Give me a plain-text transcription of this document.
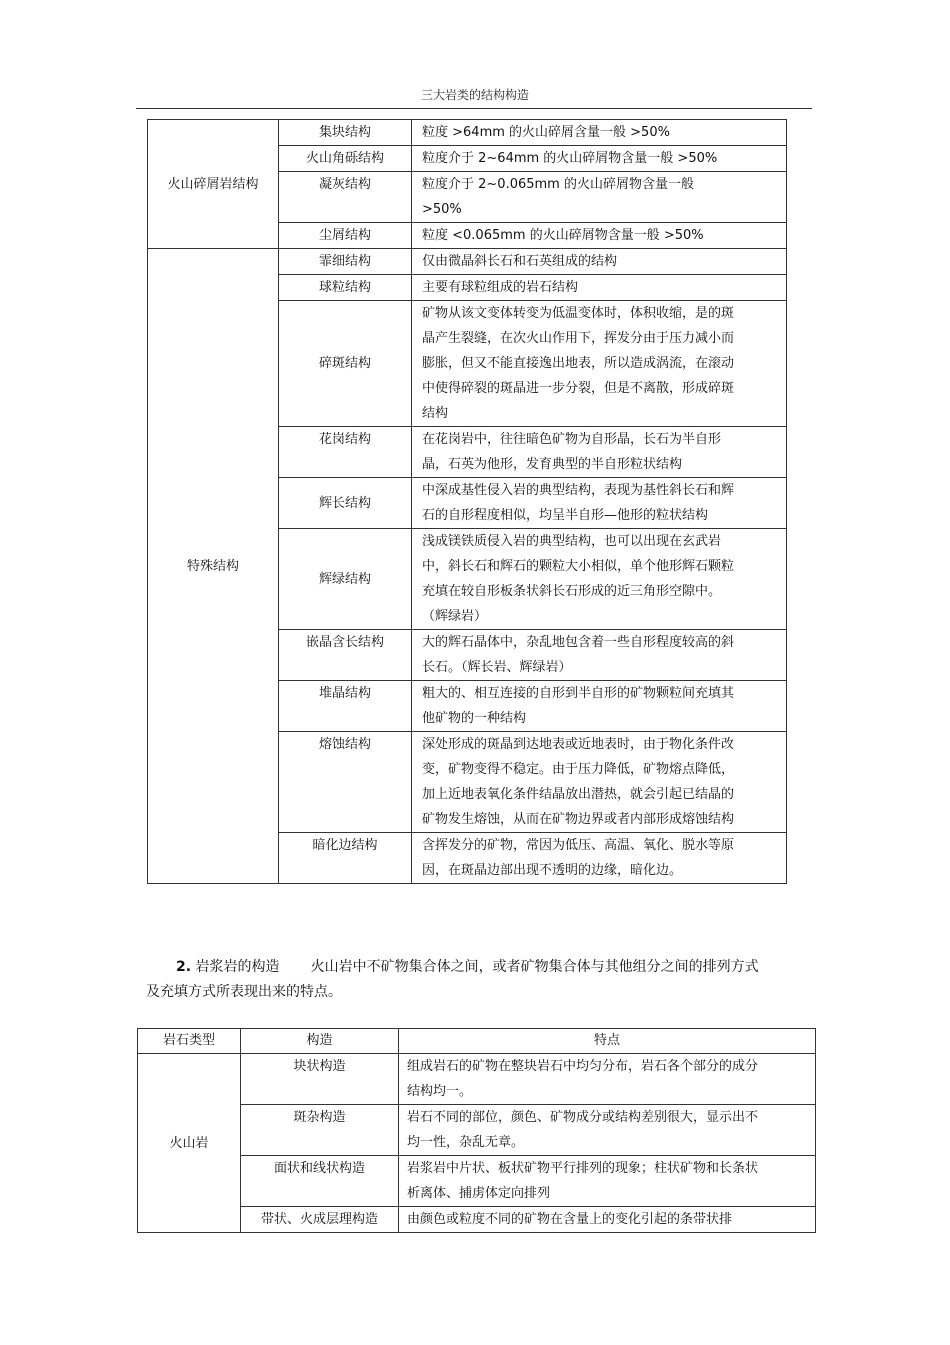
三大岩类的结构构造
火山碎屑岩结构	集块结构	粒度 >64mm 的火山碎屑含量一般 >50%
	火山角砾结构	粒度介于 2~64mm 的火山碎屑物含量一般 >50%
	凝灰结构	粒度介于 2~0.065mm 的火山碎屑物含量一般 >50%
	尘屑结构	粒度 <0.065mm 的火山碎屑物含量一般 >50%
特殊结构	霏细结构	仅由微晶斜长石和石英组成的结构
	球粒结构	主要有球粒组成的岩石结构
	碎斑结构	矿物从该文变体转变为低温变体时，体积收缩，是的斑晶产生裂缝，在次火山作用下，挥发分由于压力减小而膨胀，但又不能直接逸出地表，所以造成涡流，在滚动中使得碎裂的斑晶进一步分裂，但是不离散，形成碎斑结构
	花岗结构	在花岗岩中，往往暗色矿物为自形晶，长石为半自形晶，石英为他形，发育典型的半自形粒状结构
	辉长结构	中深成基性侵入岩的典型结构，表现为基性斜长石和辉石的自形程度相似，均呈半自形—他形的粒状结构
	辉绿结构	浅成镁铁质侵入岩的典型结构，也可以出现在玄武岩中，斜长石和辉石的颗粒大小相似，单个他形辉石颗粒充填在较自形板条状斜长石形成的近三角形空隙中。（辉绿岩）
	嵌晶含长结构	大的辉石晶体中，杂乱地包含着一些自形程度较高的斜长石。（辉长岩、辉绿岩）
	堆晶结构	粗大的、相互连接的自形到半自形的矿物颗粒间充填其他矿物的一种结构
	熔蚀结构	深处形成的斑晶到达地表或近地表时，由于物化条件改变，矿物变得不稳定。由于压力降低，矿物熔点降低，加上近地表氧化条件结晶放出潜热，就会引起已结晶的矿物发生熔蚀，从而在矿物边界或者内部形成熔蚀结构
	暗化边结构	含挥发分的矿物，常因为低压、高温、氧化、脱水等原因，在斑晶边部出现不透明的边缘，暗化边。
2. 岩浆岩的构造 火山岩中不矿物集合体之间，或者矿物集合体与其他组分之间的排列方式及充填方式所表现出来的特点。
岩石类型	构造	特点
火山岩	块状构造	组成岩石的矿物在整块岩石中均匀分布，岩石各个部分的成分结构均一。
	斑杂构造	岩石不同的部位，颜色、矿物成分或结构差别很大，显示出不均一性，杂乱无章。
	面状和线状构造	岩浆岩中片状、板状矿物平行排列的现象；柱状矿物和长条状析离体、捕虏体定向排列
	带状、火成层理构造	由颜色或粒度不同的矿物在含量上的变化引起的条带状排
